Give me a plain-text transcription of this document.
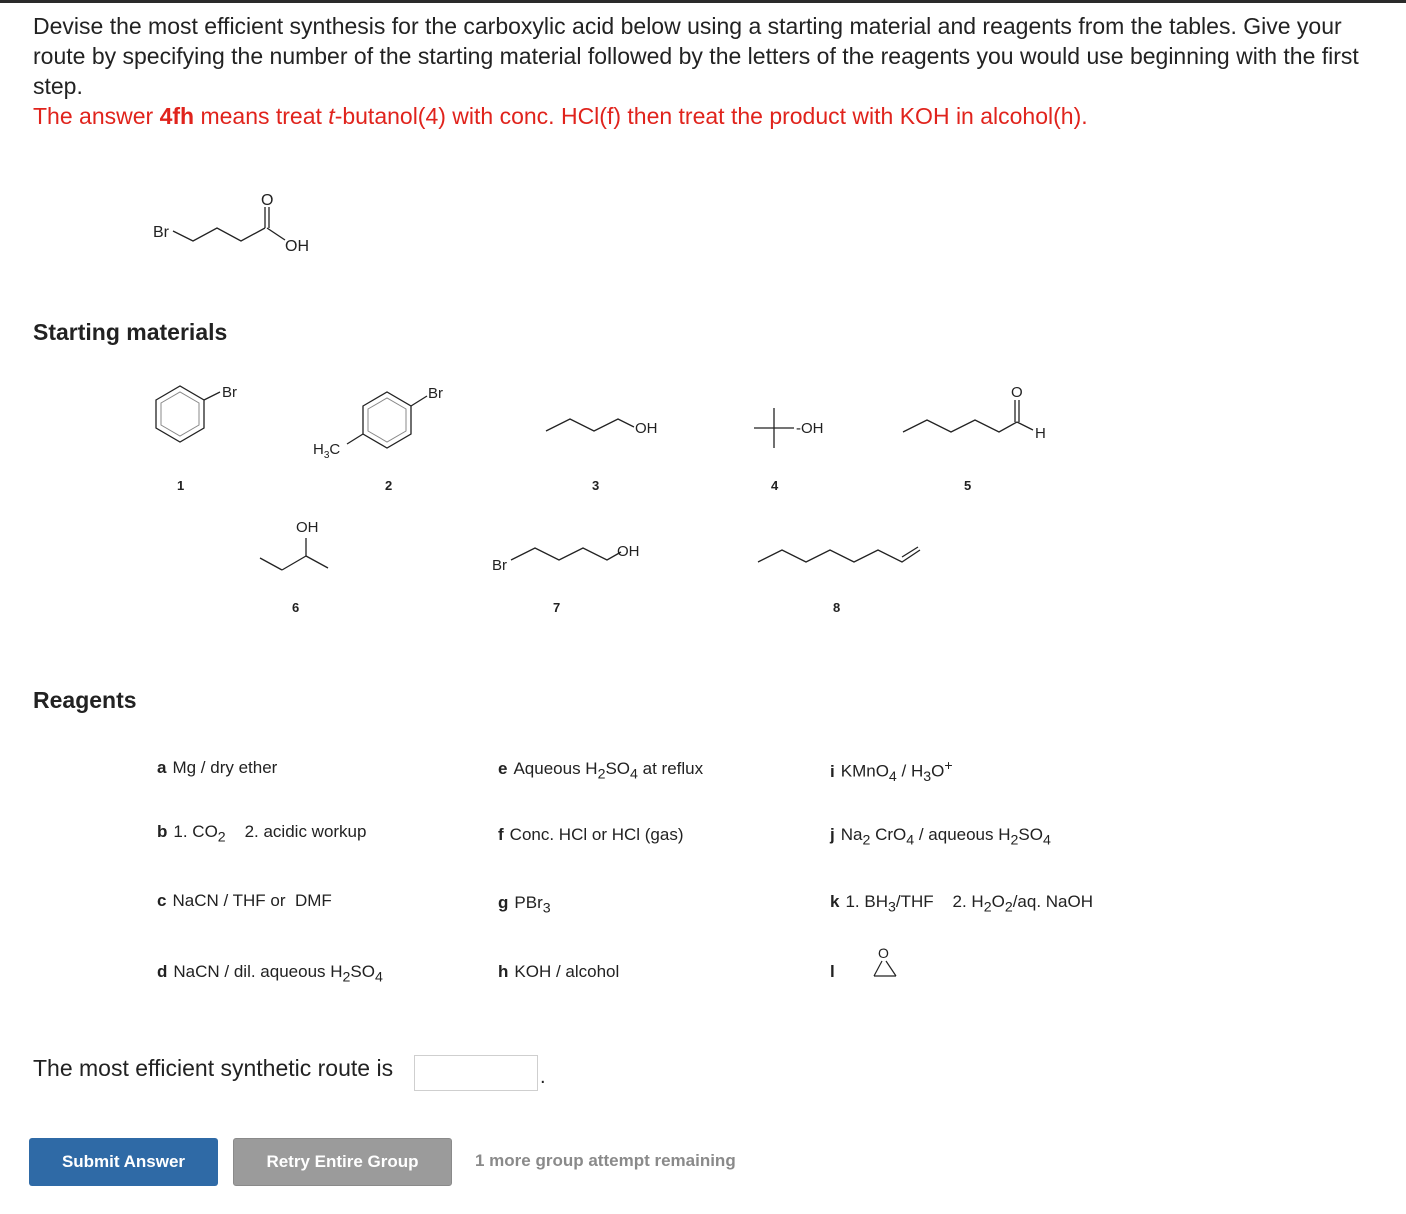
Devise the most efficient synthesis for the carboxylic acid below using a starting material and reagents from the tables. Give your route by specifying the number of the starting material followed by the letters of the reagents you would use beginning with the first step.

The answer 4fh means treat t-butanol(4) with conc. HCl(f) then treat the product with KOH in alcohol(h).

Br
O
OH
Starting materials
Br
1
Br
$H_3C$
2
OH
3
-OH
4
O
H
5
OH
6
Br
OH
7	8
Reagents
a Mg / dry ether
b 1. $CO_2$ 2. acidic workup
c NaCN / THF or  DMF
d NaCN / dil. aqueous $H_2SO_4$
e Aqueous $H_2SO_4$ at reflux
f Conc. HCl or HCl (gas)
g PBr$_3$
h KOH / alcohol
i KMnO$_4$ / $H_3O^+$
j $Na_2$ CrO$_4$ / aqueous $H_2SO_4$
k 1. $BH_3$/THF    2. $H_2O_2/aq$. NaOH
l
O
The most efficient synthetic route is	.
Submit Answer	Retry Entire Group	1 more group attempt remaining
